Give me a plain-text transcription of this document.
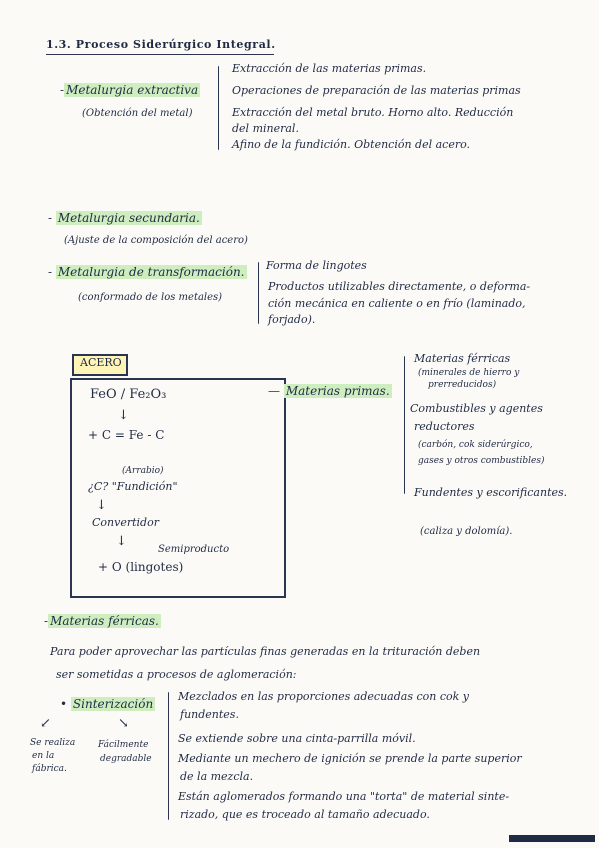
1.3. Proceso Siderúrgico Integral.
- Metalurgia extractiva
(Obtención del metal)
Extracción de las materias primas.
Operaciones de preparación de las materias primas
Extracción del metal bruto. Horno alto. Reducción
del mineral.
Afino de la fundición. Obtención del acero.
- Metalurgia secundaria.
(Ajuste de la composición del acero)
- Metalurgia de transformación.
(conformado de los metales)
Forma de lingotes
Productos utilizables directamente, o deforma-
ción mecánica en caliente o en frío (laminado,
forjado).
ACERO
FeO / Fe₂O₃
↓
+ C = Fe - C
(Arrabio)
¿C? "Fundición"
↓
Convertidor
↓
Semiproducto
+ O (lingotes)
— Materias primas.
Materias férricas
(minerales de hierro y
prerreducidos)
Combustibles y agentes
reductores
(carbón, cok siderúrgico,
gases y otros combustibles)
Fundentes y escorificantes.
(caliza y dolomía).
- Materias férricas.
Para poder aprovechar las partículas finas generadas en la trituración deben
ser sometidas a procesos de aglomeración:
• Sinterización
↙	↘
Se realiza
en la
fábrica.
Fácilmente
degradable
Mezclados en las proporciones adecuadas con cok y
fundentes.
Se extiende sobre una cinta-parrilla móvil.
Mediante un mechero de ignición se prende la parte superior
de la mezcla.
Están aglomerados formando una "torta" de material sinte-
rizado, que es troceado al tamaño adecuado.
